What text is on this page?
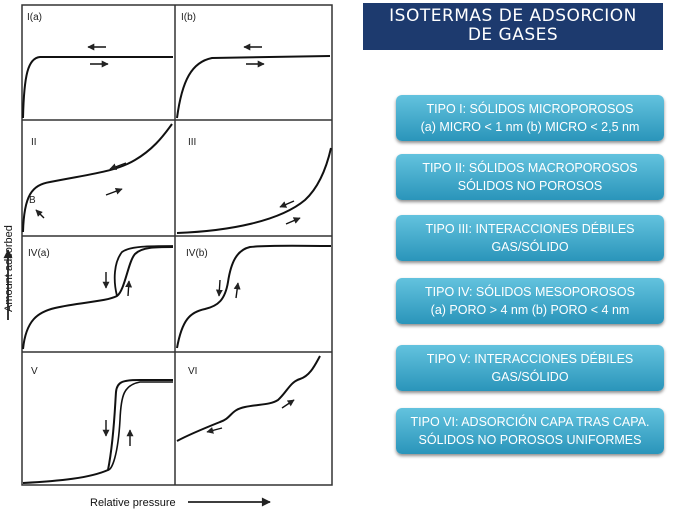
Amount adsorbed
Relative pressure
I(a)	I(b)
II	III
IV(a)	IV(b)
V	VI
B
ISOTERMAS DE ADSORCION
DE GASES
TIPO I: SÓLIDOS MICROPOROSOS
(a) MICRO < 1 nm (b) MICRO < 2,5 nm
TIPO II: SÓLIDOS MACROPOROSOS
SÓLIDOS NO POROSOS
TIPO III: INTERACCIONES DÉBILES
GAS/SÓLIDO
TIPO IV: SÓLIDOS MESOPOROSOS
(a) PORO > 4 nm (b) PORO < 4 nm
TIPO V: INTERACCIONES DÉBILES
GAS/SÓLIDO
TIPO VI: ADSORCIÓN CAPA TRAS CAPA.
SÓLIDOS NO POROSOS UNIFORMES
